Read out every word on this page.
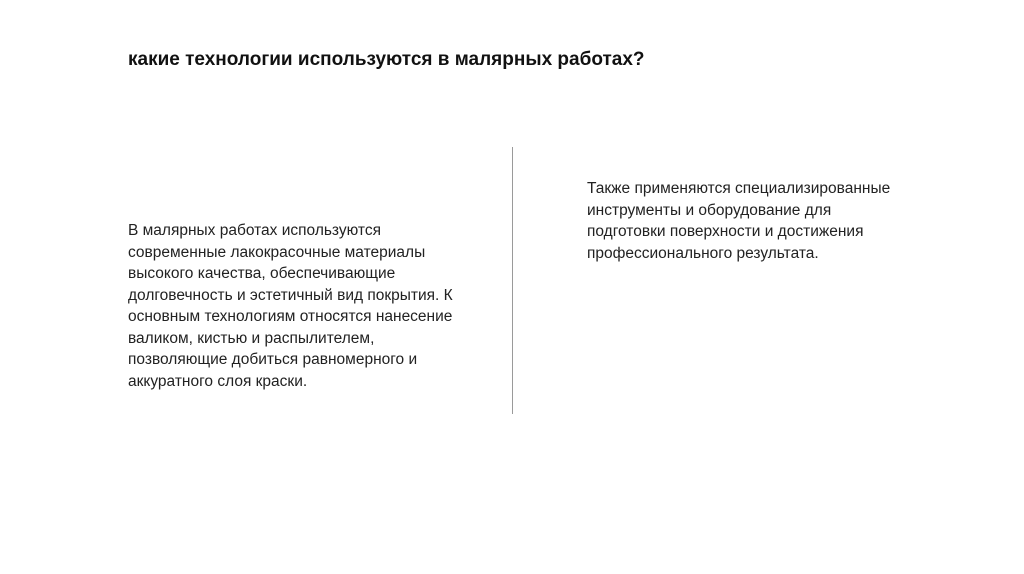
какие технологии используются в малярных работах?
В малярных работах используются современные лакокрасочные материалы высокого качества, обеспечивающие долговечность и эстетичный вид покрытия. К основным технологиям относятся нанесение валиком, кистью и распылителем, позволяющие добиться равномерного и аккуратного слоя краски.
Также применяются специализированные инструменты и оборудование для подготовки поверхности и достижения профессионального результата.
